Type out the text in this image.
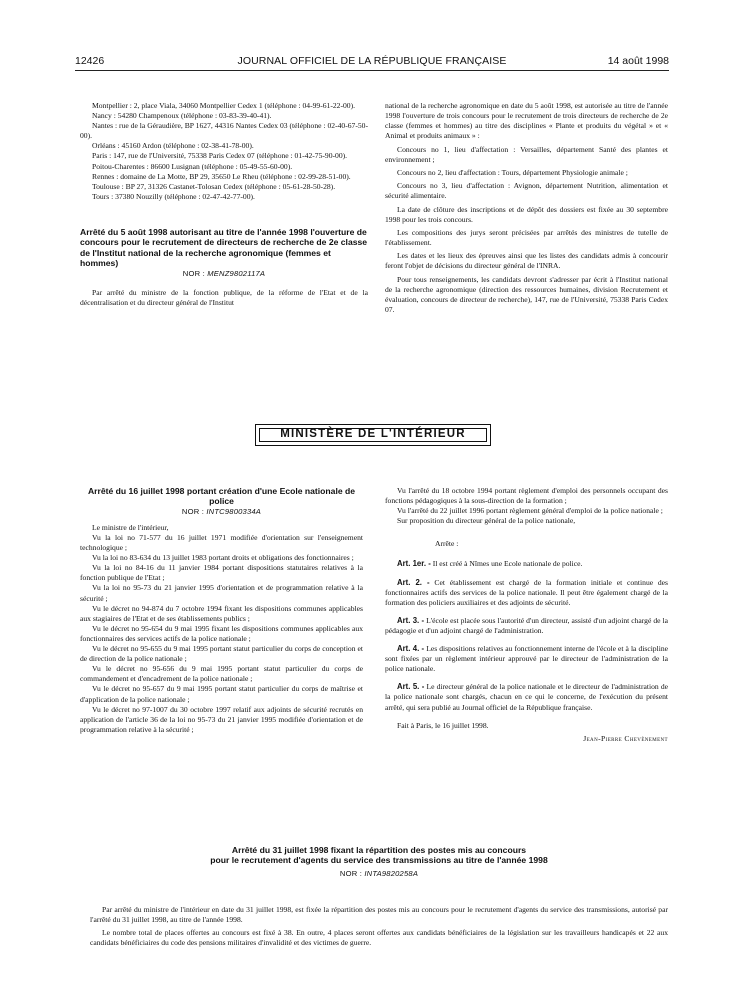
12426	JOURNAL OFFICIEL DE LA RÉPUBLIQUE FRANÇAISE	14 août 1998

Montpellier : 2, place Viala, 34060 Montpellier Cedex 1 (téléphone : 04-99-61-22-00).

Nancy : 54280 Champenoux (téléphone : 03-83-39-40-41).

Nantes : rue de la Géraudière, BP 1627, 44316 Nantes Cedex 03 (téléphone : 02-40-67-50-00).

Orléans : 45160 Ardon (téléphone : 02-38-41-78-00).

Paris : 147, rue de l'Université, 75338 Paris Cedex 07 (téléphone : 01-42-75-90-00).

Poitou-Charentes : 86600 Lusignan (téléphone : 05-49-55-60-00).

Rennes : domaine de La Motte, BP 29, 35650 Le Rheu (téléphone : 02-99-28-51-00).

Toulouse : BP 27, 31326 Castanet-Tolosan Cedex (téléphone : 05-61-28-50-28).

Tours : 37380 Nouzilly (téléphone : 02-47-42-77-00).

Arrêté du 5 août 1998 autorisant au titre de l'année 1998 l'ouverture de concours pour le recrutement de directeurs de recherche de 2e classe de l'Institut national de la recherche agronomique (femmes et hommes)

NOR : MENZ9802117A

Par arrêté du ministre de la fonction publique, de la réforme de l'Etat et de la décentralisation et du directeur général de l'Institut

national de la recherche agronomique en date du 5 août 1998, est autorisée au titre de l'année 1998 l'ouverture de trois concours pour le recrutement de trois directeurs de recherche de 2e classe (femmes et hommes) au titre des disciplines « Plante et produits du végétal » et « Animal et produits animaux » :

Concours no 1, lieu d'affectation : Versailles, département Santé des plantes et environnement ;

Concours no 2, lieu d'affectation : Tours, département Physiologie animale ;

Concours no 3, lieu d'affectation : Avignon, département Nutrition, alimentation et sécurité alimentaire.

La date de clôture des inscriptions et de dépôt des dossiers est fixée au 30 septembre 1998 pour les trois concours.

Les compositions des jurys seront précisées par arrêtés des ministres de tutelle de l'établissement.

Les dates et les lieux des épreuves ainsi que les listes des candidats admis à concourir feront l'objet de décisions du directeur général de l'INRA.

Pour tous renseignements, les candidats devront s'adresser par écrit à l'Institut national de la recherche agronomique (direction des ressources humaines, division Recrutement et évaluation, concours de directeur de recherche), 147, rue de l'Université, 75338 Paris Cedex 07.

MINISTÈRE DE L'INTÉRIEUR

Arrêté du 16 juillet 1998 portant création d'une Ecole nationale de police

NOR : INTC9800334A

Le ministre de l'intérieur,

Vu la loi no 71-577 du 16 juillet 1971 modifiée d'orientation sur l'enseignement technologique ;

Vu la loi no 83-634 du 13 juillet 1983 portant droits et obligations des fonctionnaires ;

Vu la loi no 84-16 du 11 janvier 1984 portant dispositions statutaires relatives à la fonction publique de l'Etat ;

Vu la loi no 95-73 du 21 janvier 1995 d'orientation et de programmation relative à la sécurité ;

Vu le décret no 94-874 du 7 octobre 1994 fixant les dispositions communes applicables aux stagiaires de l'Etat et de ses établissements publics ;

Vu le décret no 95-654 du 9 mai 1995 fixant les dispositions communes applicables aux fonctionnaires des services actifs de la police nationale ;

Vu le décret no 95-655 du 9 mai 1995 portant statut particulier du corps de conception et de direction de la police nationale ;

Vu le décret no 95-656 du 9 mai 1995 portant statut particulier du corps de commandement et d'encadrement de la police nationale ;

Vu le décret no 95-657 du 9 mai 1995 portant statut particulier du corps de maîtrise et d'application de la police nationale ;

Vu le décret no 97-1007 du 30 octobre 1997 relatif aux adjoints de sécurité recrutés en application de l'article 36 de la loi no 95-73 du 21 janvier 1995 modifiée d'orientation et de programmation relative à la sécurité ;

Vu l'arrêté du 18 octobre 1994 portant règlement d'emploi des personnels occupant des fonctions pédagogiques à la sous-direction de la formation ;

Vu l'arrêté du 22 juillet 1996 portant règlement général d'emploi de la police nationale ;

Sur proposition du directeur général de la police nationale,

Arrête :

Art. 1er. - Il est créé à Nîmes une Ecole nationale de police.

Art. 2. - Cet établissement est chargé de la formation initiale et continue des fonctionnaires actifs des services de la police nationale. Il peut être également chargé de la formation des policiers auxiliaires et des adjoints de sécurité.

Art. 3. - L'école est placée sous l'autorité d'un directeur, assisté d'un adjoint chargé de la pédagogie et d'un adjoint chargé de l'administration.

Art. 4. - Les dispositions relatives au fonctionnement interne de l'école et à la discipline sont fixées par un règlement intérieur approuvé par le directeur de l'administration de la police nationale.

Art. 5. - Le directeur général de la police nationale et le directeur de l'administration de la police nationale sont chargés, chacun en ce qui le concerne, de l'exécution du présent arrêté, qui sera publié au Journal officiel de la République française.

Fait à Paris, le 16 juillet 1998.

Jean-Pierre Chevènement

Arrêté du 31 juillet 1998 fixant la répartition des postes mis au concours

pour le recrutement d'agents du service des transmissions au titre de l'année 1998

NOR : INTA9820258A

Par arrêté du ministre de l'intérieur en date du 31 juillet 1998, est fixée la répartition des postes mis au concours pour le recrutement d'agents du service des transmissions, autorisé par l'arrêté du 31 juillet 1998, au titre de l'année 1998.

Le nombre total de places offertes au concours est fixé à 38. En outre, 4 places seront offertes aux candidats bénéficiaires de la législation sur les travailleurs handicapés et 22 aux candidats bénéficiaires du code des pensions militaires d'invalidité et des victimes de guerre.
